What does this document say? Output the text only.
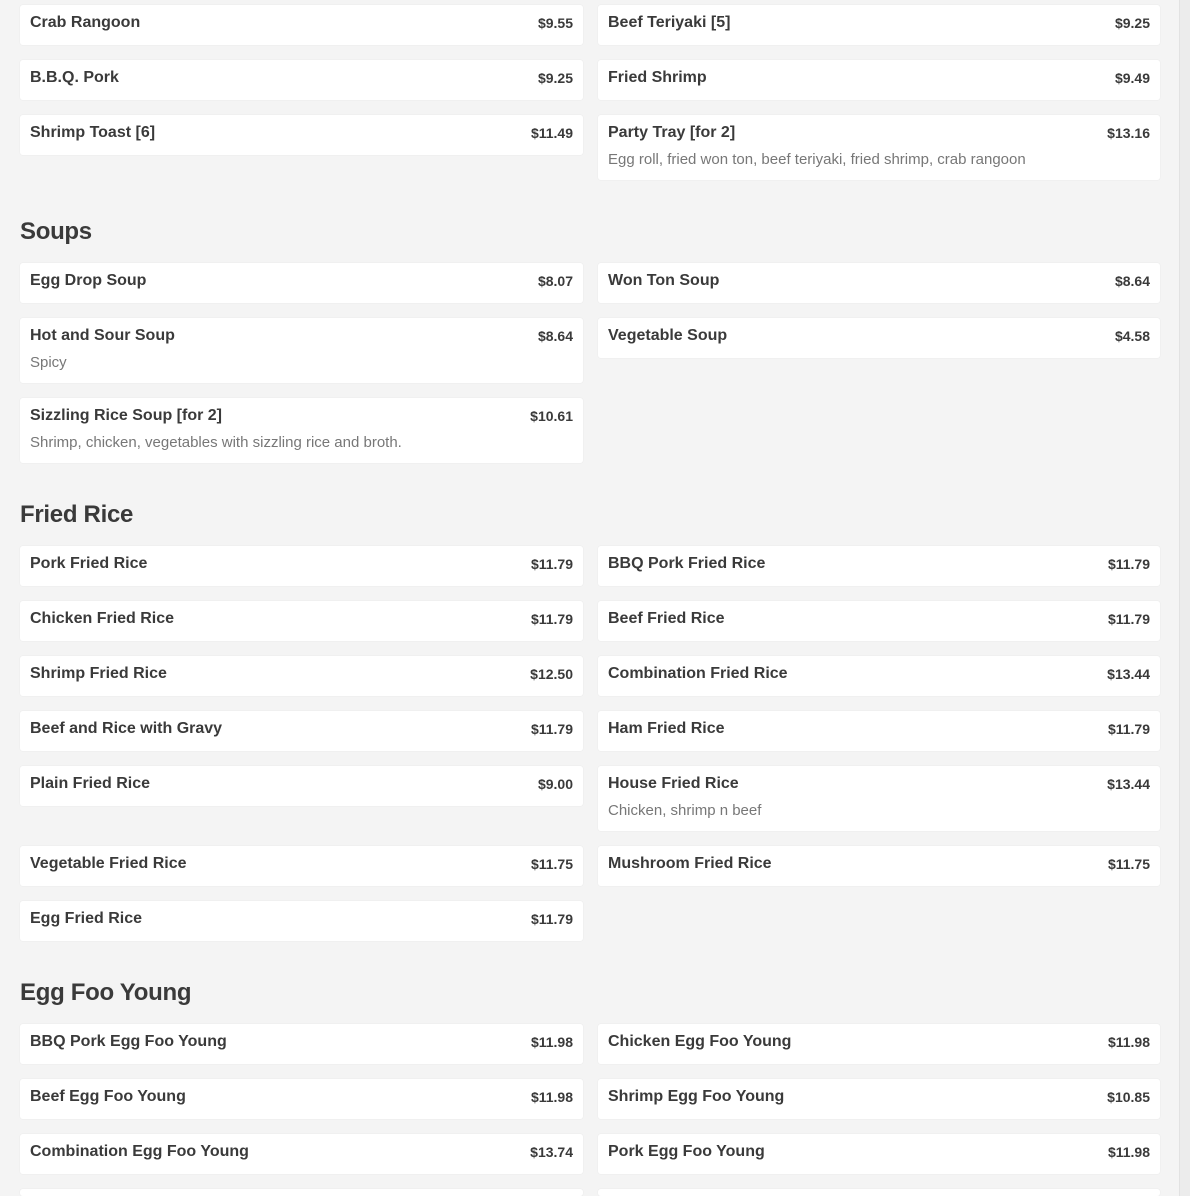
Crab Rangoon	$9.55 Beef Teriyaki [5]	$9.25
B.B.Q. Pork	$9.25 Fried Shrimp	$9.49
Shrimp Toast [6]	$11.49 Party Tray [for 2]	$13.16
Egg roll, fried won ton, beef teriyaki, fried shrimp, crab rangoon
Soups
Egg Drop Soup	$8.07 Won Ton Soup	$8.64
Hot and Sour Soup	$8.64
Spicy
Vegetable Soup	$4.58
Sizzling Rice Soup [for 2]	$10.61
Shrimp, chicken, vegetables with sizzling rice and broth.
Fried Rice
Pork Fried Rice	$11.79 BBQ Pork Fried Rice	$11.79
Chicken Fried Rice	$11.79 Beef Fried Rice	$11.79
Shrimp Fried Rice	$12.50 Combination Fried Rice	$13.44
Beef and Rice with Gravy	$11.79 Ham Fried Rice	$11.79
Plain Fried Rice	$9.00 House Fried Rice	$13.44
Chicken, shrimp n beef
Vegetable Fried Rice	$11.75 Mushroom Fried Rice	$11.75
Egg Fried Rice	$11.79
Egg Foo Young
BBQ Pork Egg Foo Young	$11.98 Chicken Egg Foo Young	$11.98
Beef Egg Foo Young	$11.98 Shrimp Egg Foo Young	$10.85
Combination Egg Foo Young	$13.74 Pork Egg Foo Young	$11.98
